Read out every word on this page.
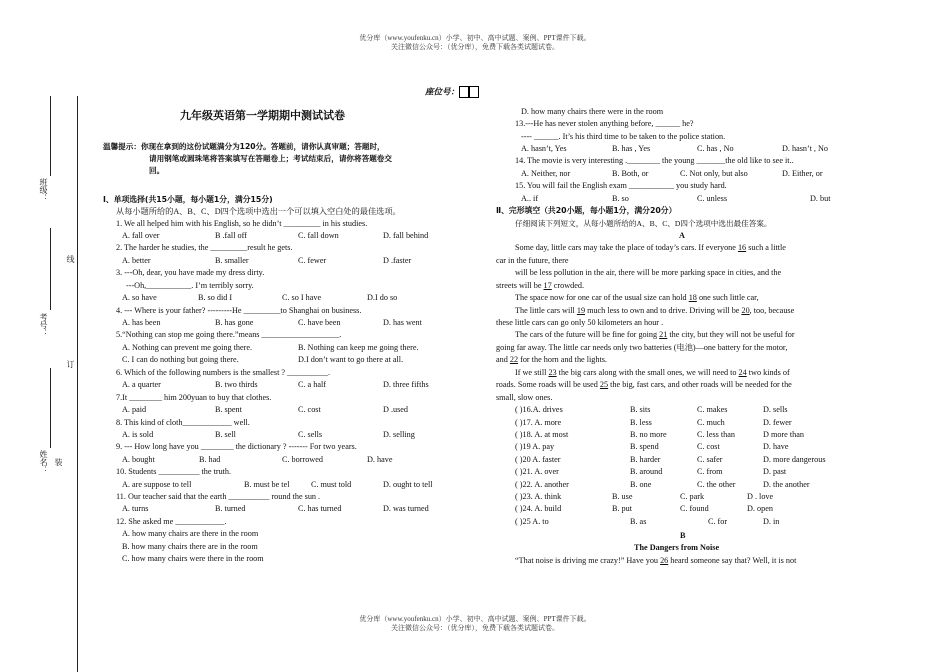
优分库（www.youfenku.cn）小学、初中、高中试题、案例、PPT课件下载。
关注微信公众号：（优分库），免费下载各类试题试卷。
优分库（www.youfenku.cn）小学、初中、高中试题、案例、PPT课件下载。
关注微信公众号：（优分库），免费下载各类试题试卷。
班级：
线
考号：
订
姓名： 装
座位号：
九年级英语第一学期期中测试试卷
温馨提示：你现在拿到的这份试题满分为120分。答题前，请你认真审题；答题时，
请用钢笔或圆珠笔将答案填写在答题卷上；考试结束后，请你将答题卷交
回。
Ⅰ、单项选择(共15小题，每小题1分，满分15分)
从每小题所给的A、B、C、D四个选项中选出一个可以填入空白处的最佳选项。
1. We all helped him with his English, so he didn’t _________ in his studies.
A. fall over	B .fall off	C. fall down	D. fall behind
2. The harder he studies, the _________result he gets.
A. better	B. smaller	C. fewer	D .faster
3. ---Oh, dear, you have made my dress dirty.
---Oh,___________. I’m terribly sorry.
A. so have	B. so did I	C. so I have	D.I do so
4. --- Where is your father? ---------He _________to Shanghai on business.
A. has been	B. has gone	C. have been	D. has went
5.“Nothing can stop me going there.”means ___________________.
A. Nothing can prevent me going there.	B. Nothing can keep me going there.
C. I can do nothing but going there.	D.I don’t want to go there at all.
6. Which of the following numbers is the smallest ? __________.
A. a quarter	B. two thirds	C. a half	D. three fifths
7.It ________ him 200yuan to buy that clothes.
A. paid	B. spent	C. cost	D .used
8. This kind of cloth____________ well.
A. is sold	B. sell	C. sells	D. selling
9. --- How long have you ________ the dictionary ? ------- For two years.
A. bought	B. had	C. borrowed	D. have
10. Students __________ the truth.
A. are suppose to tell	B. must be tel	C. must told	D. ought to tell
11. Our teacher said that the earth __________ round the sun .
A. turns	B. turned	C. has turned	D. was turned
12. She asked me ____________.
A. how many chairs are there in the room
B. how many chairs there are in the room
C. how many chairs were there in the room
D. how many chairs there were in the room
13.---He has never stolen anything before, ______ he?
---- ______. It’s his third time to be taken to the police station.
A. hasn’t, Yes	B. has , Yes	C. has , No	D. hasn’t , No
14. The movie is very interesting .________ the young _______the old like to see it..
A. Neither, nor	B. Both, or	C. Not only, but also	D. Either, or
15. You will fail the English exam ___________ you study hard.
A.. if	B. so	C. unless	D. but
Ⅱ、完形填空（共20小题，每小题1分，满分20分）
仔细阅读下列短文，从每小题所给的A、B、C、D四个选项中选出最佳答案。
A
Some day, little cars may take the place of today’s cars. If everyone 16 such a little
car in the future, there
will be less pollution in the air, there will be more parking space in cities, and the
streets will be 17 crowded.
The space now for one car of the usual size can hold 18 one such little car,
The little cars will 19 much less to own and to drive. Driving will be 20, too, because
these little cars can go only 50 kilometers an hour .
The cars of the future will be fine for going 21 the city, but they will not be useful for
going far away. The little car needs only two batteries (电池)—one battery for the motor,
and 22 for the horn and the lights.
If we still 23 the big cars along with the small ones, we will need to 24 two kinds of
roads. Some roads will be used 25 the big, fast cars, and other roads will be needed for the
small, slow ones.
( )16.A. drives	B. sits	C. makes	D. sells
( )17. A. more	B. less	C. much	D. fewer
( )18. A. at most	B. no more	C. less than	D more than
( )19 A. pay	B. spend	C. cost	D. have
( )20 A. faster	B. harder	C. safer	D. more dangerous
( )21. A. over	B. around	C. from	D. past
( )22. A. another	B. one	C. the other	D. the another
( )23. A. think	B. use	C. park	D . love
( )24. A. build	B. put	C. found	D. open
( )25 A. to	B. as	C. for	D. in
B
The Dangers from Noise
“That noise is driving me crazy!” Have you 26 heard someone say that? Well, it is not
